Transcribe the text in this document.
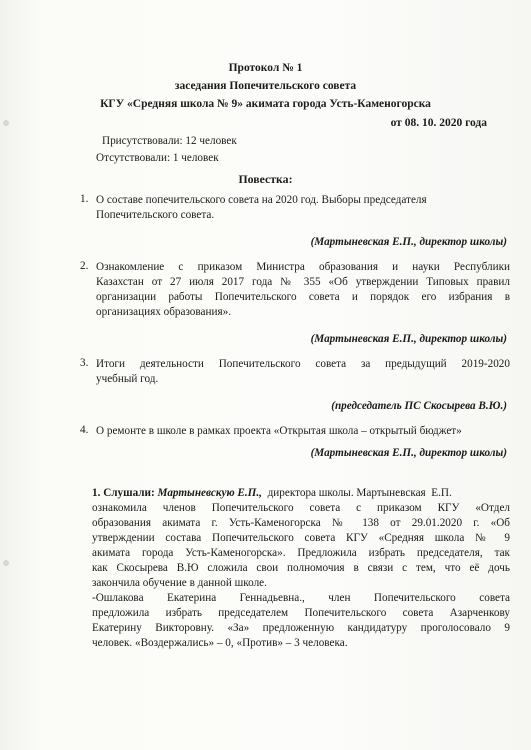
Протокол № 1
заседания Попечительского совета
КГУ «Средняя школа № 9» акимата города Усть-Каменогорска
от 08. 10. 2020 года
Присутствовали: 12 человек
Отсутствовали: 1 человек
Повестка:
1. О составе попечительского совета на 2020 год. Выборы председателя
Попечительского совета.
(Мартыневская Е.П., директор школы)
2. Ознакомление с приказом Министра образования и науки Республики
Казахстан от 27 июля 2017 года № 355 «Об утверждении Типовых правил
организации работы Попечительского совета и порядок его избрания в
организациях образования».
(Мартыневская Е.П., директор школы)
3. Итоги деятельности Попечительского совета за предыдущий 2019-2020
учебный год.
(председатель ПС Скосырева В.Ю.)
4. О ремонте в школе в рамках проекта «Открытая школа – открытый бюджет»
(Мартыневская Е.П., директор школы)
1. Слушали: Мартыневскую Е.П.,  директора школы. Мартыневская  Е.П.
ознакомила членов Попечительского совета с приказом КГУ «Отдел
образования акимата г. Усть-Каменогорска № 138 от 29.01.2020 г. «Об
утверждении состава Попечительского совета КГУ «Средняя школа № 9
акимата города Усть-Каменогорска». Предложила избрать председателя, так
как Скосырева В.Ю сложила свои полномочия в связи с тем, что её дочь
закончила обучение в данной школе.
-Ошлакова Екатерина Геннадьевна., член Попечительского совета
предложила избрать председателем Попечительского совета Азарченкову
Екатерину Викторовну. «За» предложенную кандидатуру проголосовало 9
человек. «Воздержались» – 0, «Против» – 3 человека.
